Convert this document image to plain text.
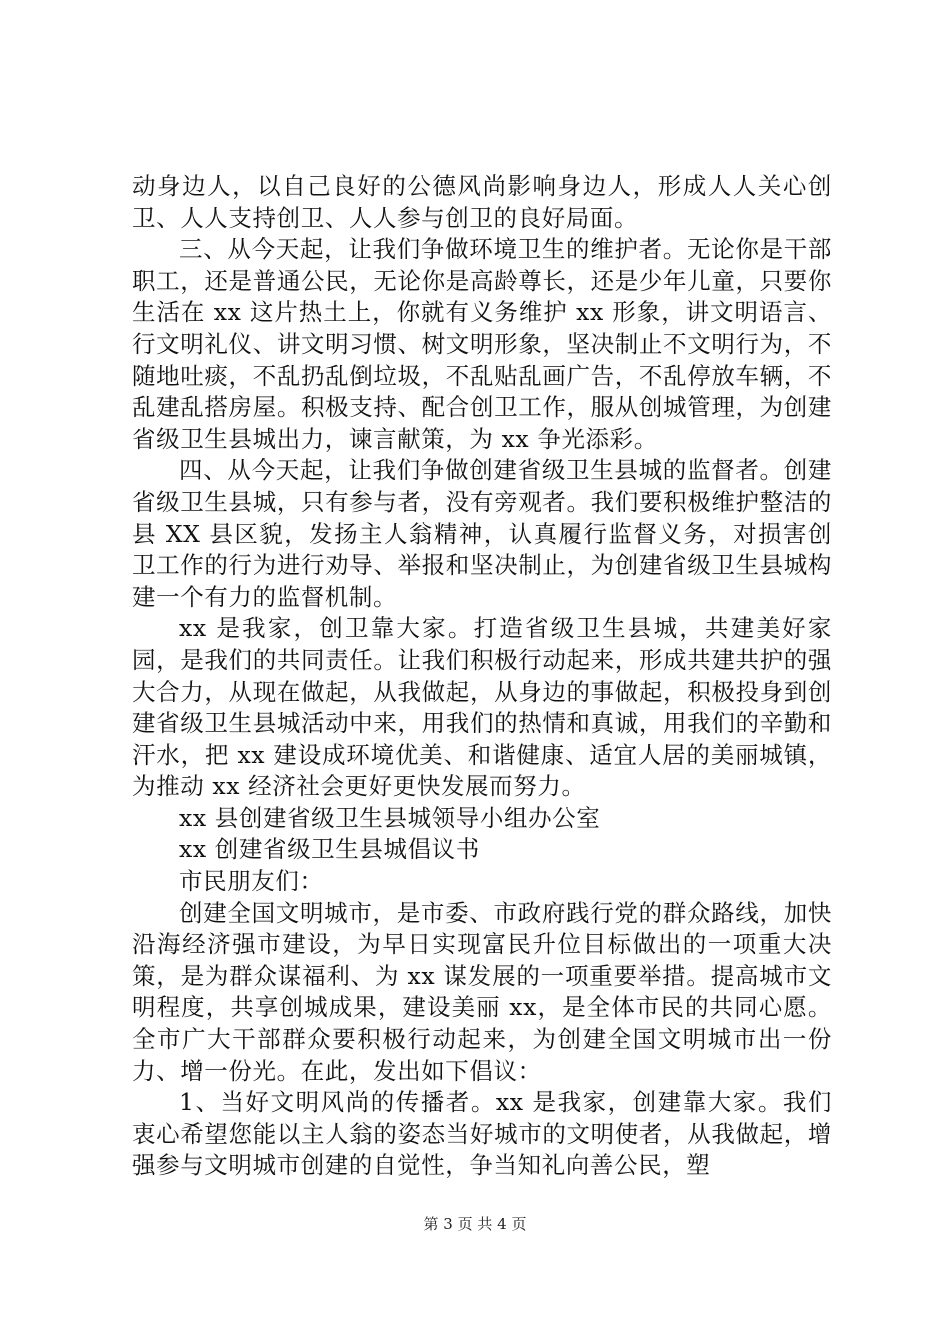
动身边人，以自己良好的公德风尚影响身边人，形成人人关心创卫、人人支持创卫、人人参与创卫的良好局面。

三、从今天起，让我们争做环境卫生的维护者。无论你是干部职工，还是普通公民，无论你是高龄尊长，还是少年儿童，只要你生活在 xx 这片热土上，你就有义务维护 xx 形象，讲文明语言、行文明礼仪、讲文明习惯、树文明形象，坚决制止不文明行为，不随地吐痰，不乱扔乱倒垃圾，不乱贴乱画广告，不乱停放车辆，不乱建乱搭房屋。积极支持、配合创卫工作，服从创城管理，为创建省级卫生县城出力，谏言献策，为 xx 争光添彩。

四、从今天起，让我们争做创建省级卫生县城的监督者。创建省级卫生县城，只有参与者，没有旁观者。我们要积极维护整洁的县 XX 县区貌，发扬主人翁精神，认真履行监督义务，对损害创卫工作的行为进行劝导、举报和坚决制止，为创建省级卫生县城构建一个有力的监督机制。

xx 是我家，创卫靠大家。打造省级卫生县城，共建美好家园，是我们的共同责任。让我们积极行动起来，形成共建共护的强大合力，从现在做起，从我做起，从身边的事做起，积极投身到创建省级卫生县城活动中来，用我们的热情和真诚，用我们的辛勤和汗水，把 xx 建设成环境优美、和谐健康、适宜人居的美丽城镇，为推动 xx 经济社会更好更快发展而努力。

xx 县创建省级卫生县城领导小组办公室

xx 创建省级卫生县城倡议书

市民朋友们：

创建全国文明城市，是市委、市政府践行党的群众路线，加快沿海经济强市建设，为早日实现富民升位目标做出的一项重大决策，是为群众谋福利、为 xx 谋发展的一项重要举措。提高城市文明程度，共享创城成果，建设美丽 xx，是全体市民的共同心愿。全市广大干部群众要积极行动起来，为创建全国文明城市出一份力、增一份光。在此，发出如下倡议：

1、当好文明风尚的传播者。xx 是我家，创建靠大家。我们衷心希望您能以主人翁的姿态当好城市的文明使者，从我做起，增强参与文明城市创建的自觉性，争当知礼向善公民，塑

第 3 页 共 4 页
